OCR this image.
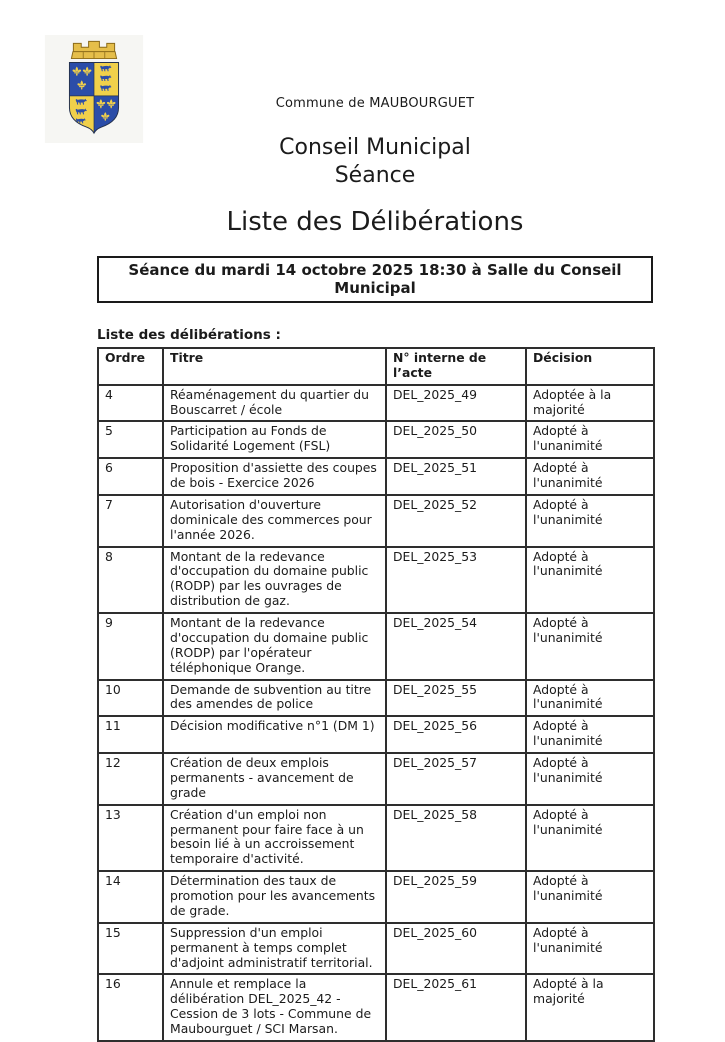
Commune de MAUBOURGUET
Conseil Municipal
Séance
Liste des Délibérations
Séance du mardi 14 octobre 2025 18:30 à Salle du Conseil Municipal
Liste des délibérations :
Ordre	Titre	N° interne de l’acte	Décision
4	Réaménagement du quartier du Bouscarret / école	DEL_2025_49	Adoptée à la majorité
5	Participation au Fonds de Solidarité Logement (FSL)	DEL_2025_50	Adopté à l'unanimité
6	Proposition d'assiette des coupes de bois - Exercice 2026	DEL_2025_51	Adopté à l'unanimité
7	Autorisation d'ouverture dominicale des commerces pour l'année 2026.	DEL_2025_52	Adopté à l'unanimité
8	Montant de la redevance d'occupation du domaine public (RODP) par les ouvrages de distribution de gaz.	DEL_2025_53	Adopté à l'unanimité
9	Montant de la redevance d'occupation du domaine public (RODP) par l'opérateur téléphonique Orange.	DEL_2025_54	Adopté à l'unanimité
10	Demande de subvention au titre des amendes de police	DEL_2025_55	Adopté à l'unanimité
11	Décision modificative n°1 (DM 1)	DEL_2025_56	Adopté à l'unanimité
12	Création de deux emplois permanents - avancement de grade	DEL_2025_57	Adopté à l'unanimité
13	Création d'un emploi non permanent pour faire face à un besoin lié à un accroissement temporaire d'activité.	DEL_2025_58	Adopté à l'unanimité
14	Détermination des taux de promotion pour les avancements de grade.	DEL_2025_59	Adopté à l'unanimité
15	Suppression d'un emploi permanent à temps complet d'adjoint administratif territorial.	DEL_2025_60	Adopté à l'unanimité
16	Annule et remplace la délibération DEL_2025_42 - Cession de 3 lots - Commune de Maubourguet / SCI Marsan.	DEL_2025_61	Adopté à la majorité
